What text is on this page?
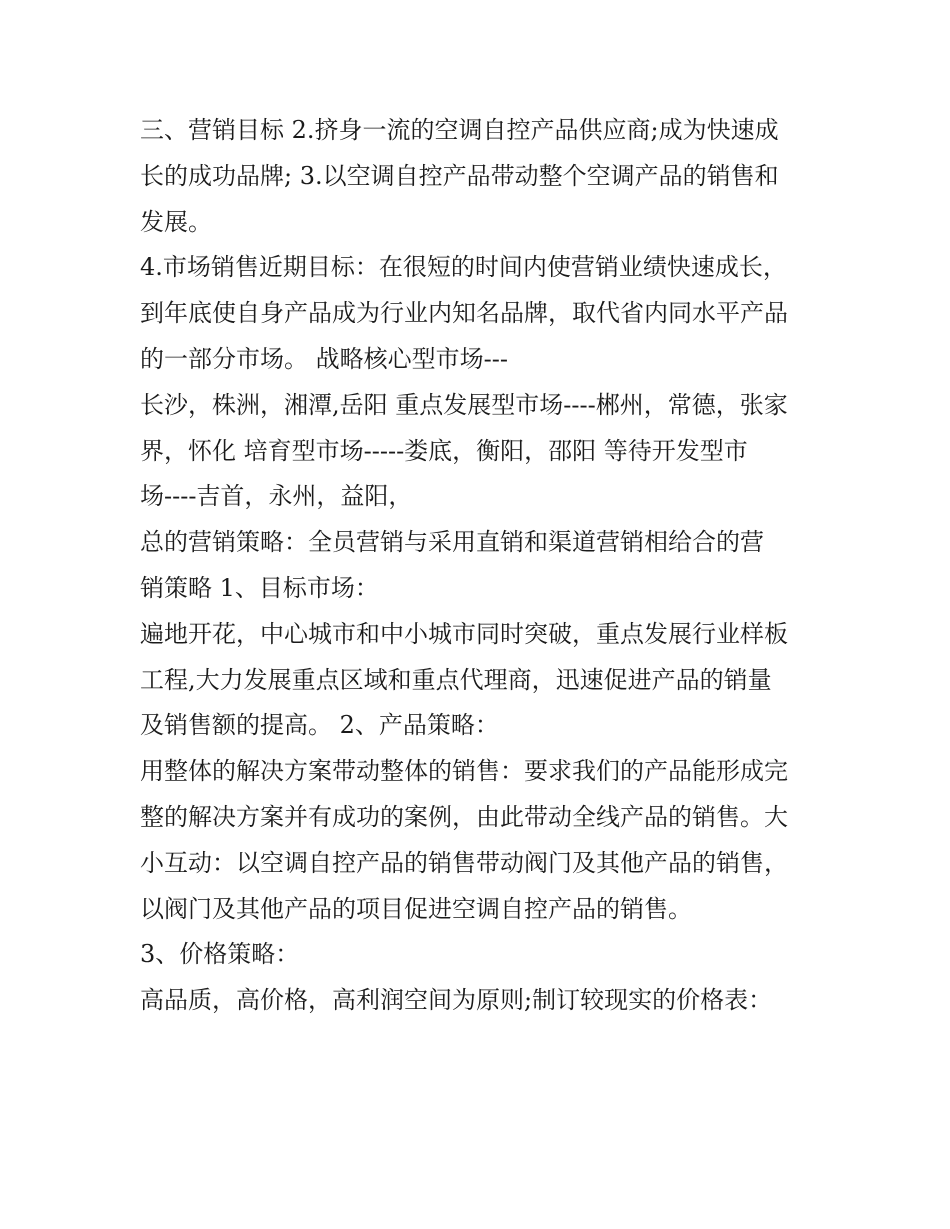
三、营销目标 2.挤身一流的空调自控产品供应商;成为快速成
长的成功品牌; 3.以空调自控产品带动整个空调产品的销售和
发展。
4.市场销售近期目标：在很短的时间内使营销业绩快速成长，
到年底使自身产品成为行业内知名品牌，取代省内同水平产品
的一部分市场。 战略核心型市场---
长沙，株洲，湘潭,岳阳 重点发展型市场----郴州，常德，张家
界，怀化 培育型市场-----娄底，衡阳，邵阳 等待开发型市
场----吉首，永州，益阳，
总的营销策略：全员营销与采用直销和渠道营销相给合的营
销策略 1、目标市场：
遍地开花，中心城市和中小城市同时突破，重点发展行业样板
工程,大力发展重点区域和重点代理商，迅速促进产品的销量
及销售额的提高。 2、产品策略：
用整体的解决方案带动整体的销售：要求我们的产品能形成完
整的解决方案并有成功的案例，由此带动全线产品的销售。大
小互动：以空调自控产品的销售带动阀门及其他产品的销售，
以阀门及其他产品的项目促进空调自控产品的销售。
3、价格策略：
高品质，高价格，高利润空间为原则;制订较现实的价格表：
